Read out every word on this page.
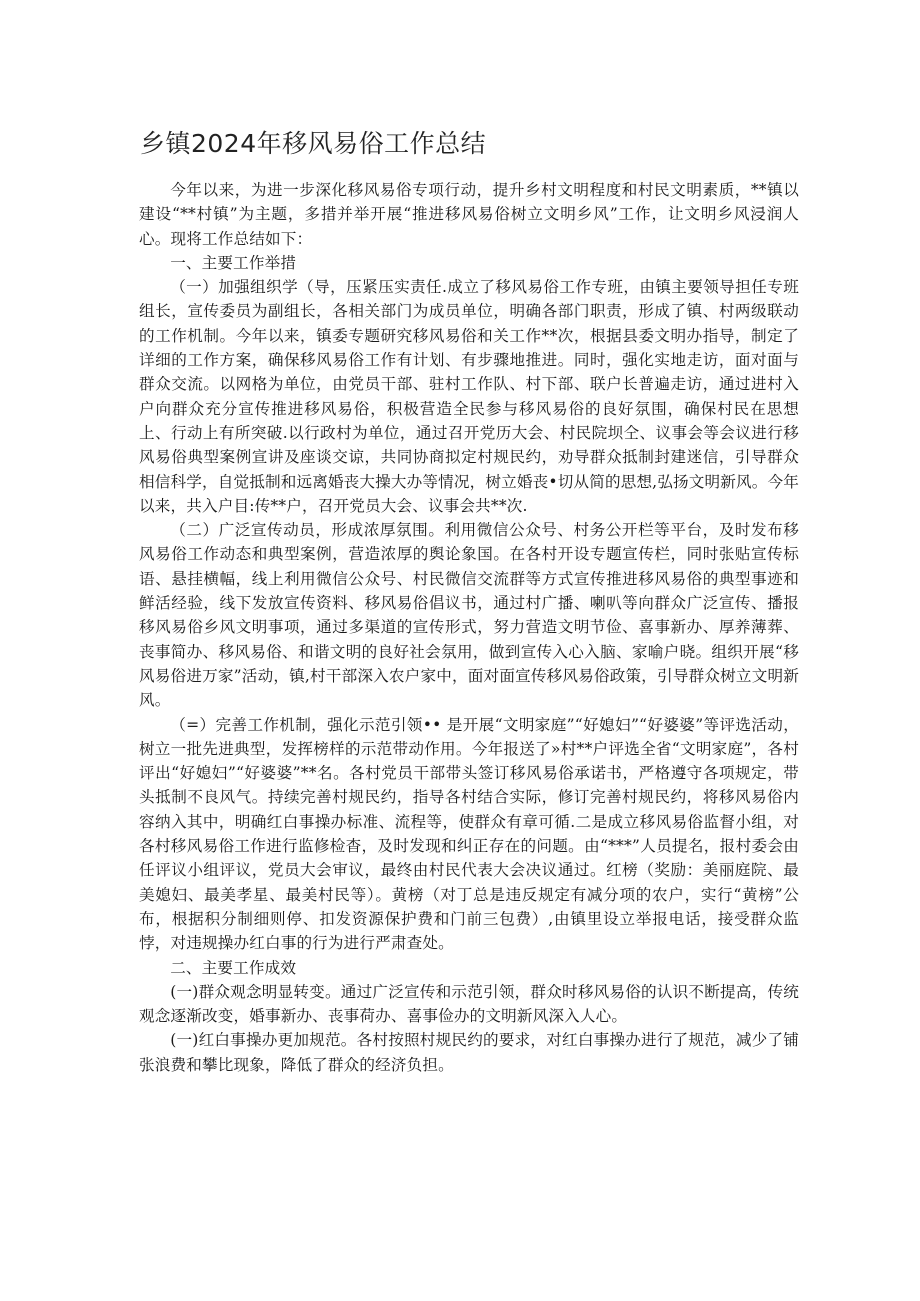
乡镇2024年移风易俗工作总结

今年以来，为进一步深化移风易俗专项行动，提升乡村文明程度和村民文明素质，**镇以建设“**村镇”为主题，多措并举开展“推进移风易俗树立文明乡风”工作，让文明乡风浸润人心。现将工作总结如下：

一、主要工作举措

（一）加强组织学（导，压紧压实责任.成立了移风易俗工作专班，由镇主要领导担任专班组长，宣传委员为副组长，各相关部门为成员单位，明确各部门职责，形成了镇、村两级联动的工作机制。今年以来，镇委专题研究移风易俗和关工作**次，根据县委文明办指导，制定了详细的工作方案，确保移风易俗工作有计划、有步骤地推进。同时，强化实地走访，面对面与群众交流。以网格为单位，由党员干部、驻村工作队、村下部、联户长普遍走访，通过进村入户向群众充分宣传推进移风易俗，积极营造全民参与移风易俗的良好氛围，确保村民在思想上、行动上有所突破.以行政村为单位，通过召开党历大会、村民院坝仝、议事会等会议进行移风易俗典型案例宣讲及座谈交谅，共同协商拟定村规民约，劝导群众抵制封建迷信，引导群众相信科学，自觉抵制和远离婚丧大操大办等情况，树立婚丧•切从简的思想,弘扬文明新风。今年以来，共入户目:传**户，召开党员大会、议事会共**次.

（二）广泛宣传动员，形成浓厚氛围。利用微信公众号、村务公开栏等平台，及时发布移风易俗工作动态和典型案例，营造浓厚的舆论象国。在各村开设专题宣传栏，同时张贴宣传标语、悬挂横幅，线上利用微信公众号、村民微信交流群等方式宣传推进移风易俗的典型事迹和鲜活经验，线下发放宣传资料、移风易俗倡议书，通过村广播、喇叭等向群众广泛宣传、播报移风易俗乡风文明事项，通过多渠道的宣传形式，努力营造文明节俭、喜事新办、厚养薄葬、丧事简办、移风易俗、和谐文明的良好社会氛用，做到宣传入心入脑、家喻户晓。组织开展“移风易俗进万家”活动，镇,村干部深入农户家中，面对面宣传移风易俗政策，引导群众树立文明新风。

（=）完善工作机制，强化示范引领•• 是开展“文明家庭”“好媳妇”“好婆婆”等评选活动，树立一批先进典型，发挥榜样的示范带动作用。今年报送了»村**户评选全省“文明家庭”，各村评出“好媳妇”“好婆婆”**名。各村党员干部带头签订移风易俗承诺书，严格遵守各项规定，带头抵制不良风气。持续完善村规民约，指导各村结合实际，修订完善村规民约，将移风易俗内容纳入其中，明确红白事操办标准、流程等，使群众有章可循.二是成立移风易俗监督小组，对各村移风易俗工作进行监修检杳，及时发现和纠正存在的问题。由“***”人员提名，报村委会由任评议小组评议，党员大会审议，最终由村民代表大会决议通过。红榜（奖励：美丽庭院、最美媳妇、最美孝星、最美村民等）。黄榜（对丁总是违反规定有减分项的农户，实行“黄榜”公布，根据积分制细则停、扣发资源保护费和门前三包费）,由镇里设立举报电话，接受群众监悖，对违规操办红白事的行为进行严肃查处。

二、主要工作成效

(一)群众观念明显转变。通过广泛宣传和示范引领，群众时移风易俗的认识不断提高，传统观念逐渐改变，婚事新办、丧事荷办、喜事俭办的文明新风深入人心。

(一)红白事操办更加规范。各村按照村规民约的要求，对红白事操办进行了规范，减少了铺张浪费和攀比现象，降低了群众的经济负担。
